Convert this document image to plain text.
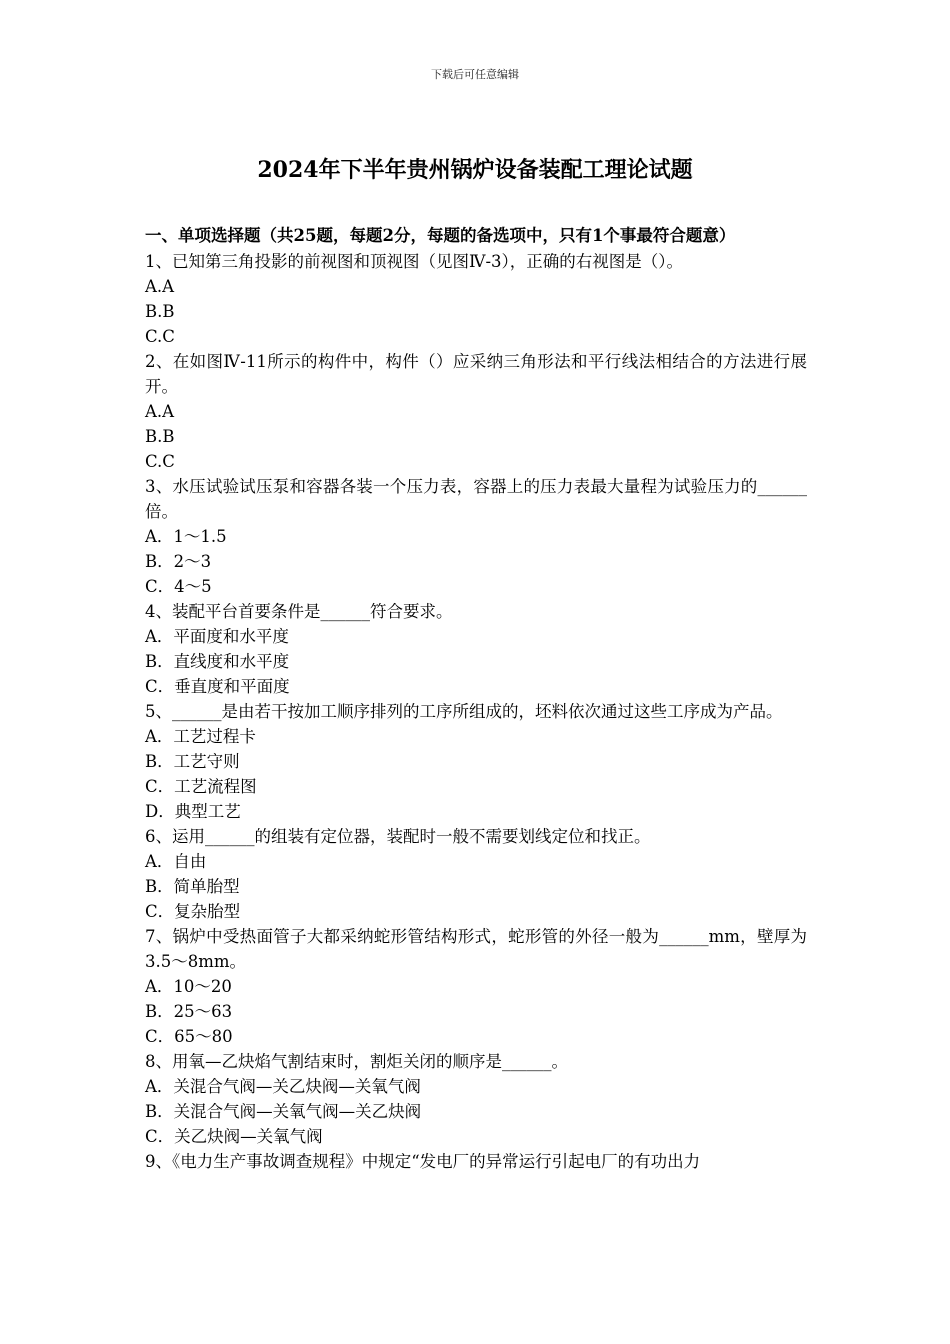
下载后可任意编辑
2024年下半年贵州锅炉设备装配工理论试题
一、单项选择题（共25题，每题2分，每题的备选项中，只有1个事最符合题意）
1、已知第三角投影的前视图和顶视图（见图Ⅳ-3），正确的右视图是（）。
A.A
B.B
C.C
2、在如图Ⅳ-11所示的构件中，构件（）应采纳三角形法和平行线法相结合的方法进行展开。
A.A
B.B
C.C
3、水压试验试压泵和容器各装一个压力表，容器上的压力表最大量程为试验压力的______倍。
A．1～1.5
B．2～3
C．4～5
4、装配平台首要条件是______符合要求。
A．平面度和水平度
B．直线度和水平度
C．垂直度和平面度
5、______是由若干按加工顺序排列的工序所组成的，坯料依次通过这些工序成为产品。
A．工艺过程卡
B．工艺守则
C．工艺流程图
D．典型工艺
6、运用______的组装有定位器，装配时一般不需要划线定位和找正。
A．自由
B．简单胎型
C．复杂胎型
7、锅炉中受热面管子大都采纳蛇形管结构形式，蛇形管的外径一般为______mm，壁厚为3.5～8mm。
A．10～20
B．25～63
C．65～80
8、用氧—乙炔焰气割结束时，割炬关闭的顺序是______。
A．关混合气阀—关乙炔阀—关氧气阀
B．关混合气阀—关氧气阀—关乙炔阀
C．关乙炔阀—关氧气阀
9、《电力生产事故调查规程》中规定“发电厂的异常运行引起电厂的有功出力
